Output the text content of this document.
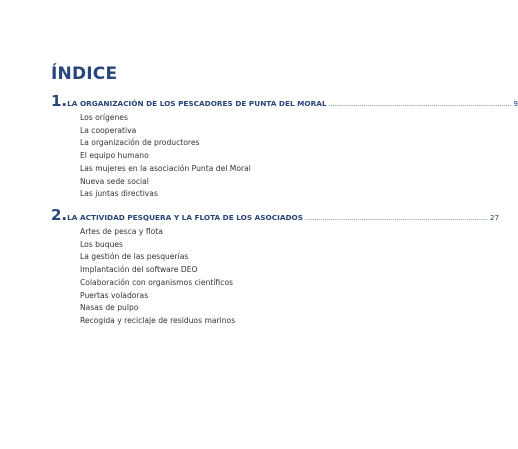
ÍNDICE
1. LA ORGANIZACIÓN DE LOS PESCADORES DE PUNTA DEL MORAL .............................................................................................. 9
Los orígenes
La cooperativa
La organización de productores
El equipo humano
Las mujeres en la asociación Punta del Moral
Nueva sede social
Las juntas directivas
2. LA ACTIVIDAD PESQUERA Y LA FLOTA DE LOS ASOCIADOS .............................................................................................. 27
Artes de pesca y flota
Los buques
La gestión de las pesquerías
Implantación del software DEO
Colaboración con organismos científicos
Puertas voladoras
Nasas de pulpo
Recogida y reciclaje de residuos marinos
